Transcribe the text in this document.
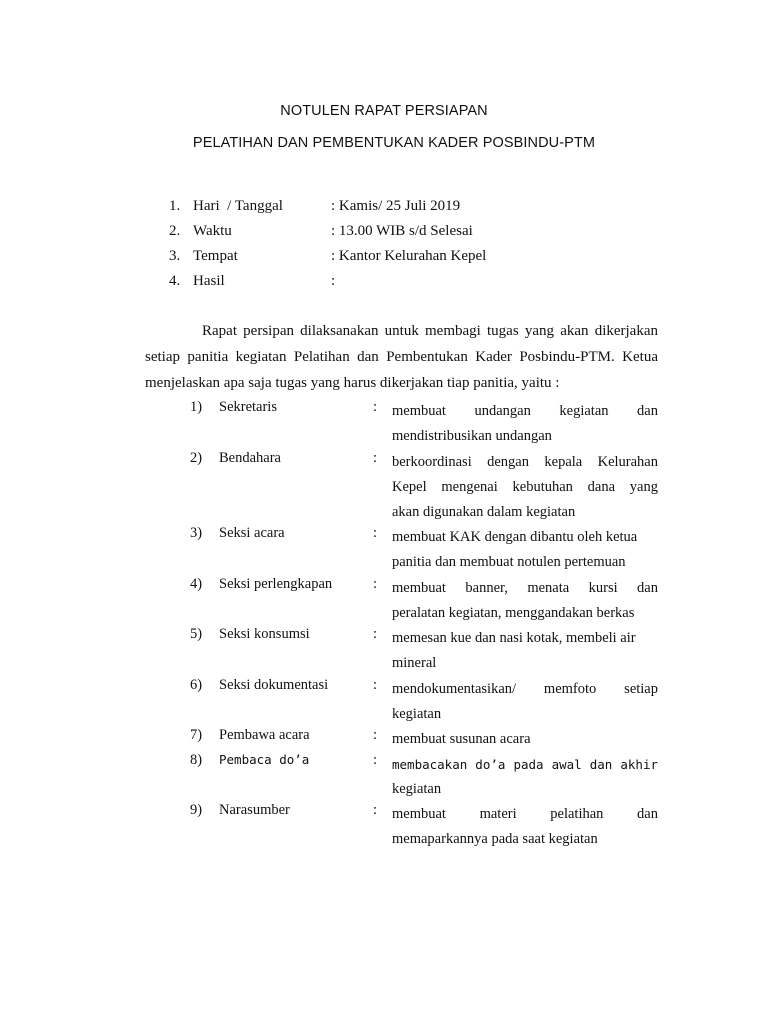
NOTULEN RAPAT PERSIAPAN
PELATIHAN DAN PEMBENTUKAN KADER POSBINDU-PTM
1. Hari  / Tanggal	: Kamis/ 25 Juli 2019
2. Waktu	: 13.00 WIB s/d Selesai
3. Tempat	: Kantor Kelurahan Kepel
4. Hasil	:
Rapat persipan dilaksanakan untuk membagi tugas yang akan dikerjakan
setiap panitia kegiatan Pelatihan dan Pembentukan Kader Posbindu-PTM. Ketua
menjelaskan apa saja tugas yang harus dikerjakan tiap panitia, yaitu :
1) Sekretaris	: membuat undangan kegiatan dan
mendistribusikan undangan
2) Bendahara	: berkoordinasi dengan kepala Kelurahan
Kepel mengenai kebutuhan dana yang
akan digunakan dalam kegiatan
3) Seksi acara	: membuat KAK dengan dibantu oleh ketua
panitia dan membuat notulen pertemuan
4) Seksi perlengkapan	: membuat banner, menata kursi dan
peralatan kegiatan, menggandakan berkas
5) Seksi konsumsi	: memesan kue dan nasi kotak, membeli air
mineral
6) Seksi dokumentasi	: mendokumentasikan/ memfoto setiap
kegiatan
7) Pembawa acara	: membuat susunan acara
8) Pembaca do’a	: membacakan do’a pada awal dan akhir
kegiatan
9) Narasumber	: membuat materi pelatihan dan
memaparkannya pada saat kegiatan
